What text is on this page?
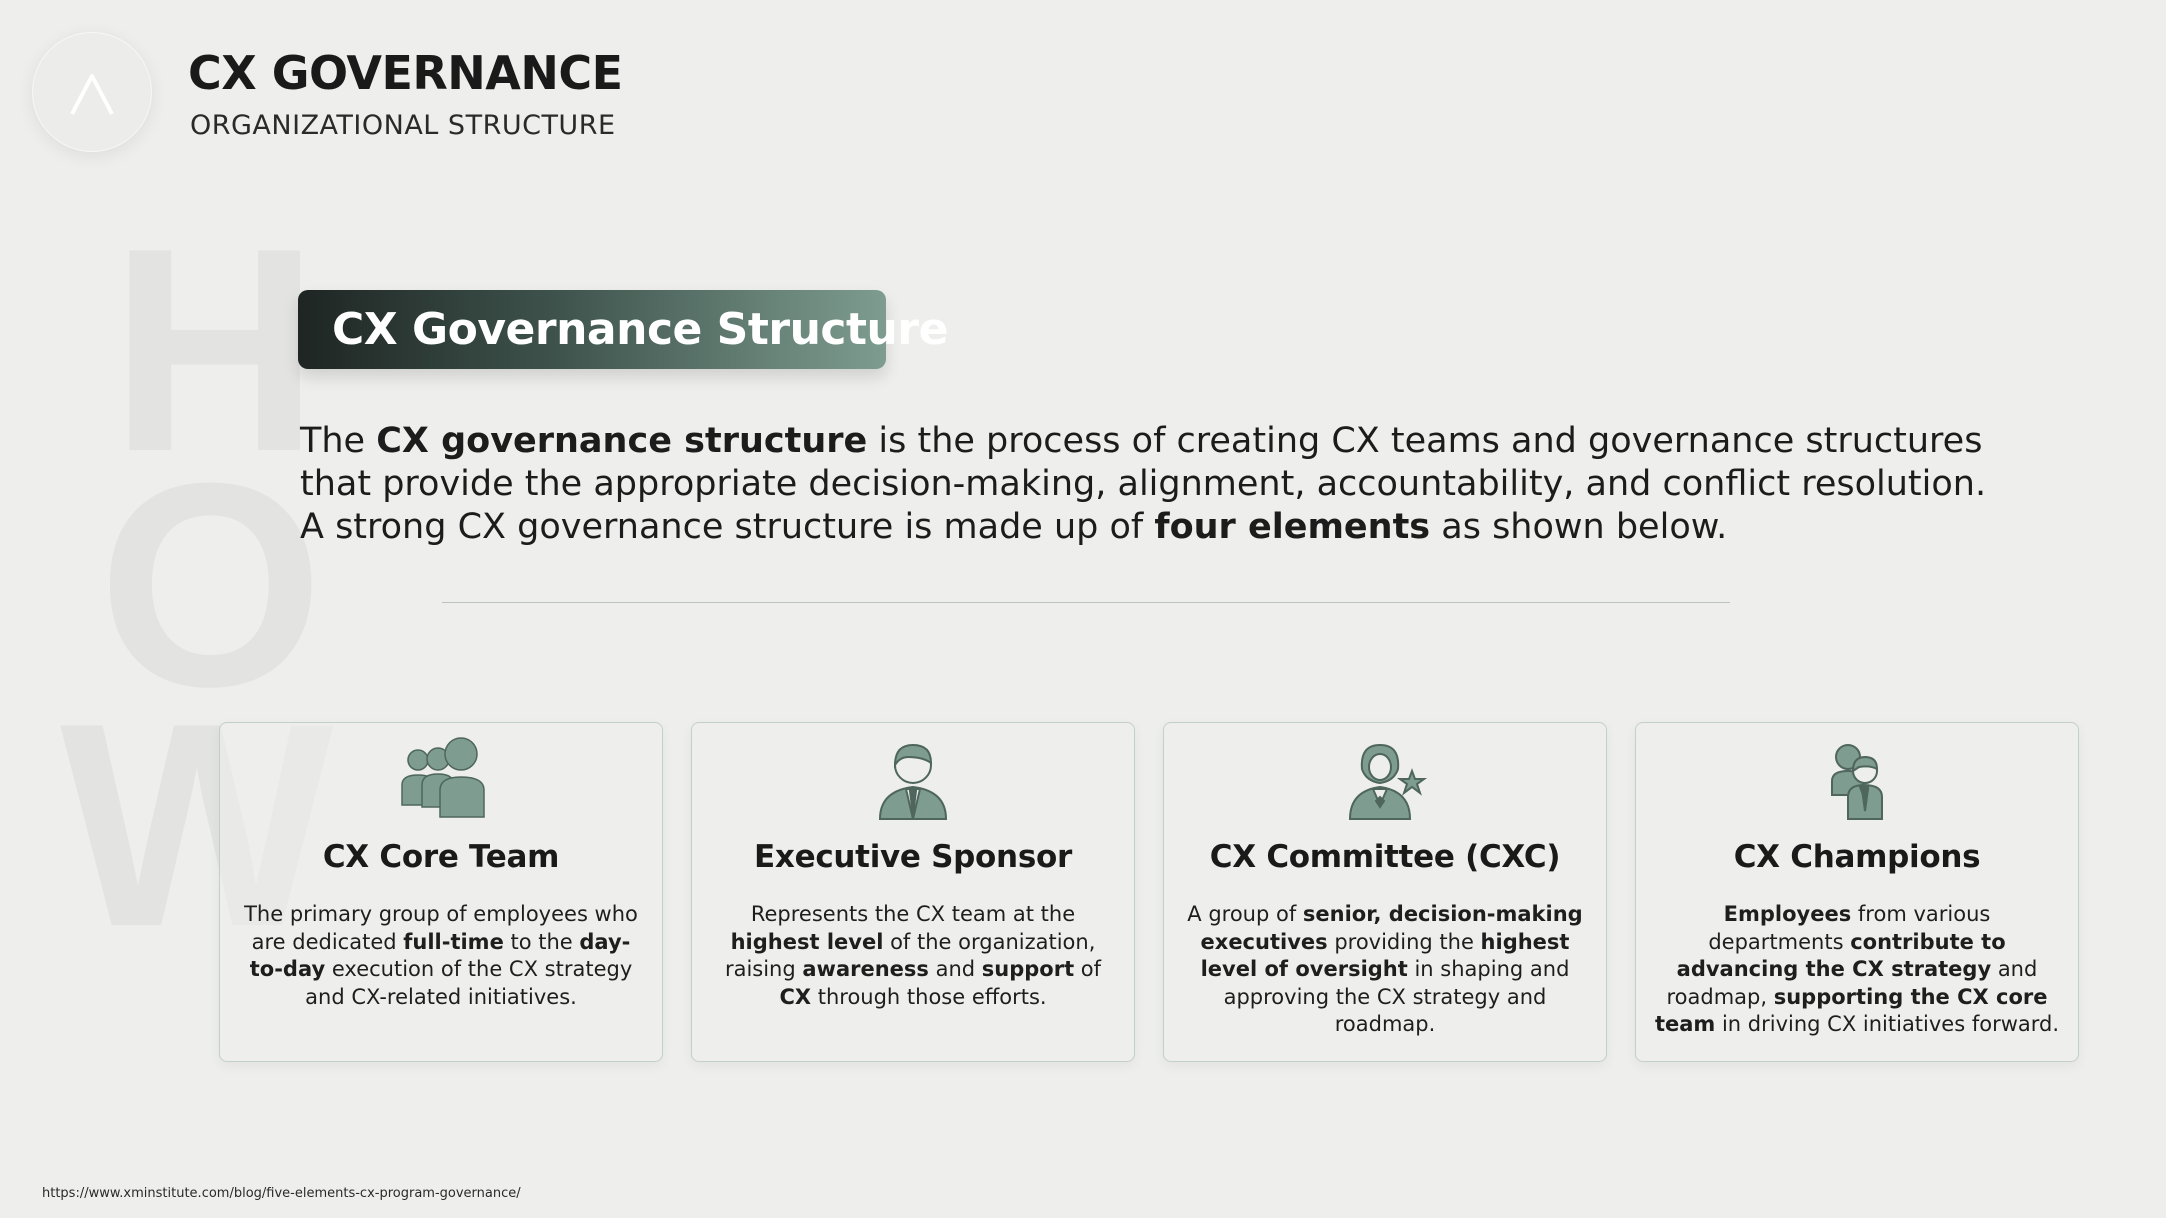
CX GOVERNANCE
ORGANIZATIONAL STRUCTURE
CX Governance Structure
The CX governance structure is the process of creating CX teams and governance structures that provide the appropriate decision-making, alignment, accountability, and conflict resolution. A strong CX governance structure is made up of four elements as shown below.
CX Core Team
The primary group of employees who are dedicated full-time to the day-to-day execution of the CX strategy and CX-related initiatives.
Executive Sponsor
Represents the CX team at the highest level of the organization, raising awareness and support of CX through those efforts.
CX Committee (CXC)
A group of senior, decision-making executives providing the highest level of oversight in shaping and approving the CX strategy and roadmap.
CX Champions
Employees from various departments contribute to advancing the CX strategy and roadmap, supporting the CX core team in driving CX initiatives forward.
https://www.xminstitute.com/blog/five-elements-cx-program-governance/
